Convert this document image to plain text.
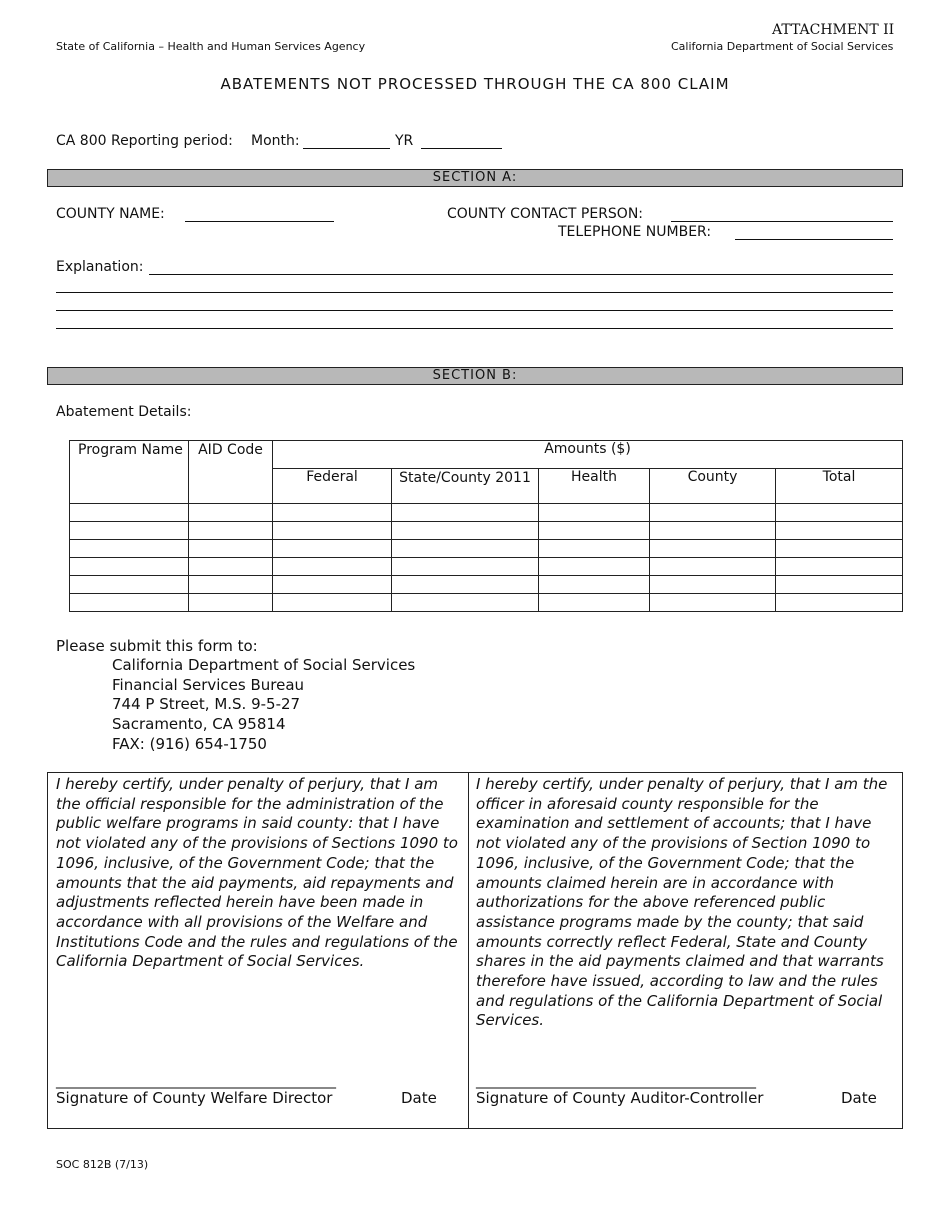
State of California – Health and Human Services Agency
ATTACHMENT II
California Department of Social Services
ABATEMENTS NOT PROCESSED THROUGH THE CA 800 CLAIM
CA 800 Reporting period: Month:	YR
SECTION A:
COUNTY NAME:	COUNTY CONTACT PERSON:
TELEPHONE NUMBER:
Explanation:
SECTION B:
Abatement Details:
Program Name	AID Code	Amounts ($)				
		Federal	State/County 2011	Health	County	Total

Please submit this form to:
California Department of Social Services
Financial Services Bureau
744 P Street, M.S. 9-5-27
Sacramento, CA 95814
FAX: (916) 654-1750
I hereby certify, under penalty of perjury, that I am the official responsible for the administration of the public welfare programs in said county: that I have not violated any of the provisions of Sections 1090 to 1096, inclusive, of the Government Code; that the amounts that the aid payments, aid repayments and adjustments reflected herein have been made in accordance with all provisions of the Welfare and Institutions Code and the rules and regulations of the California Department of Social Services.
I hereby certify, under penalty of perjury, that I am the officer in aforesaid county responsible for the examination and settlement of accounts; that I have not violated any of the provisions of Section 1090 to 1096, inclusive, of the Government Code; that the amounts claimed herein are in accordance with authorizations for the above referenced public assistance programs made by the county; that said amounts correctly reflect Federal, State and County shares in the aid payments claimed and that warrants therefore have issued, according to law and the rules and regulations of the California Department of Social Services.
________________________________________
Signature of County Welfare Director	Date
________________________________________
Signature of County Auditor-Controller	Date
SOC 812B (7/13)
